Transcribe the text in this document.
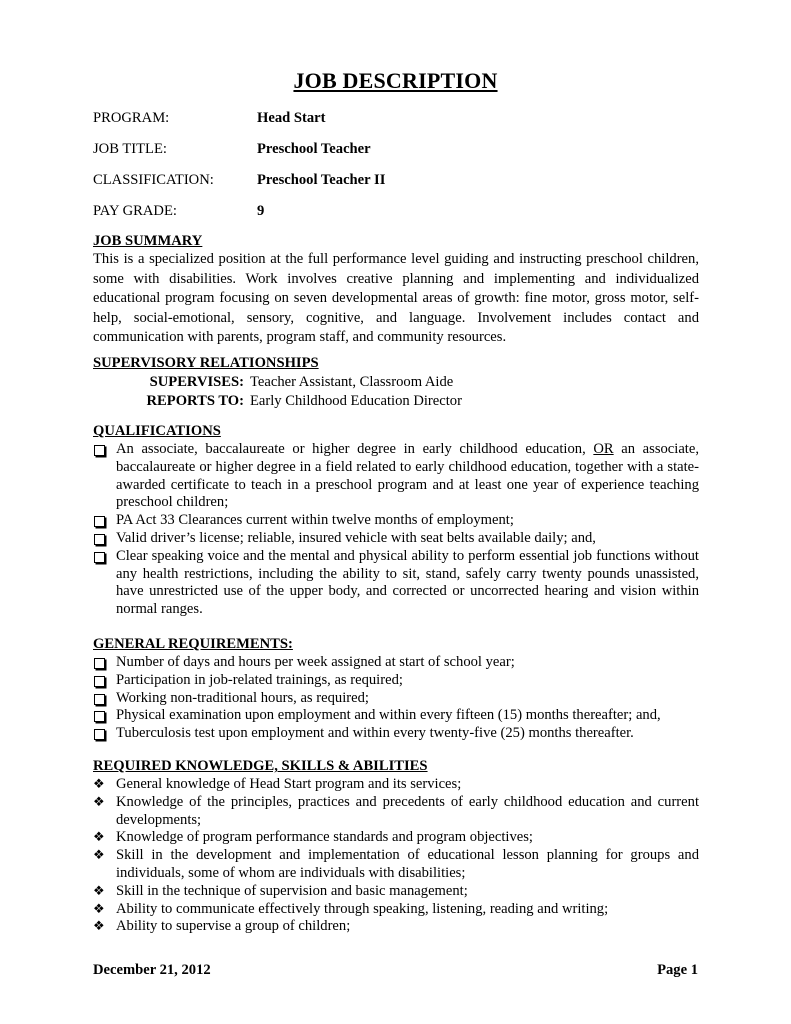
JOB DESCRIPTION
PROGRAM:	Head Start
JOB TITLE:	Preschool Teacher
CLASSIFICATION:	Preschool Teacher II
PAY GRADE:	9
JOB SUMMARY
This is a specialized position at the full performance level guiding and instructing preschool children, some with disabilities. Work involves creative planning and implementing and individualized educational program focusing on seven developmental areas of growth: fine motor, gross motor, self-help, social-emotional, sensory, cognitive, and language. Involvement includes contact and communication with parents, program staff, and community resources.
SUPERVISORY RELATIONSHIPS
SUPERVISES: Teacher Assistant, Classroom Aide
REPORTS TO: Early Childhood Education Director
QUALIFICATIONS
An associate, baccalaureate or higher degree in early childhood education, OR an associate, baccalaureate or higher degree in a field related to early childhood education, together with a state-awarded certificate to teach in a preschool program and at least one year of experience teaching preschool children;
PA Act 33 Clearances current within twelve months of employment;
Valid driver’s license; reliable, insured vehicle with seat belts available daily; and,
Clear speaking voice and the mental and physical ability to perform essential job functions without any health restrictions, including the ability to sit, stand, safely carry twenty pounds unassisted, have unrestricted use of the upper body, and corrected or uncorrected hearing and vision within normal ranges.
GENERAL REQUIREMENTS:
Number of days and hours per week assigned at start of school year;
Participation in job-related trainings, as required;
Working non-traditional hours, as required;
Physical examination upon employment and within every fifteen (15) months thereafter; and,
Tuberculosis test upon employment and within every twenty-five (25) months thereafter.
REQUIRED KNOWLEDGE, SKILLS & ABILITIES
❖ General knowledge of Head Start program and its services;
❖ Knowledge of the principles, practices and precedents of early childhood education and current developments;
❖ Knowledge of program performance standards and program objectives;
❖ Skill in the development and implementation of educational lesson planning for groups and individuals, some of whom are individuals with disabilities;
❖ Skill in the technique of supervision and basic management;
❖ Ability to communicate effectively through speaking, listening, reading and writing;
❖ Ability to supervise a group of children;
December 21, 2012	Page 1
